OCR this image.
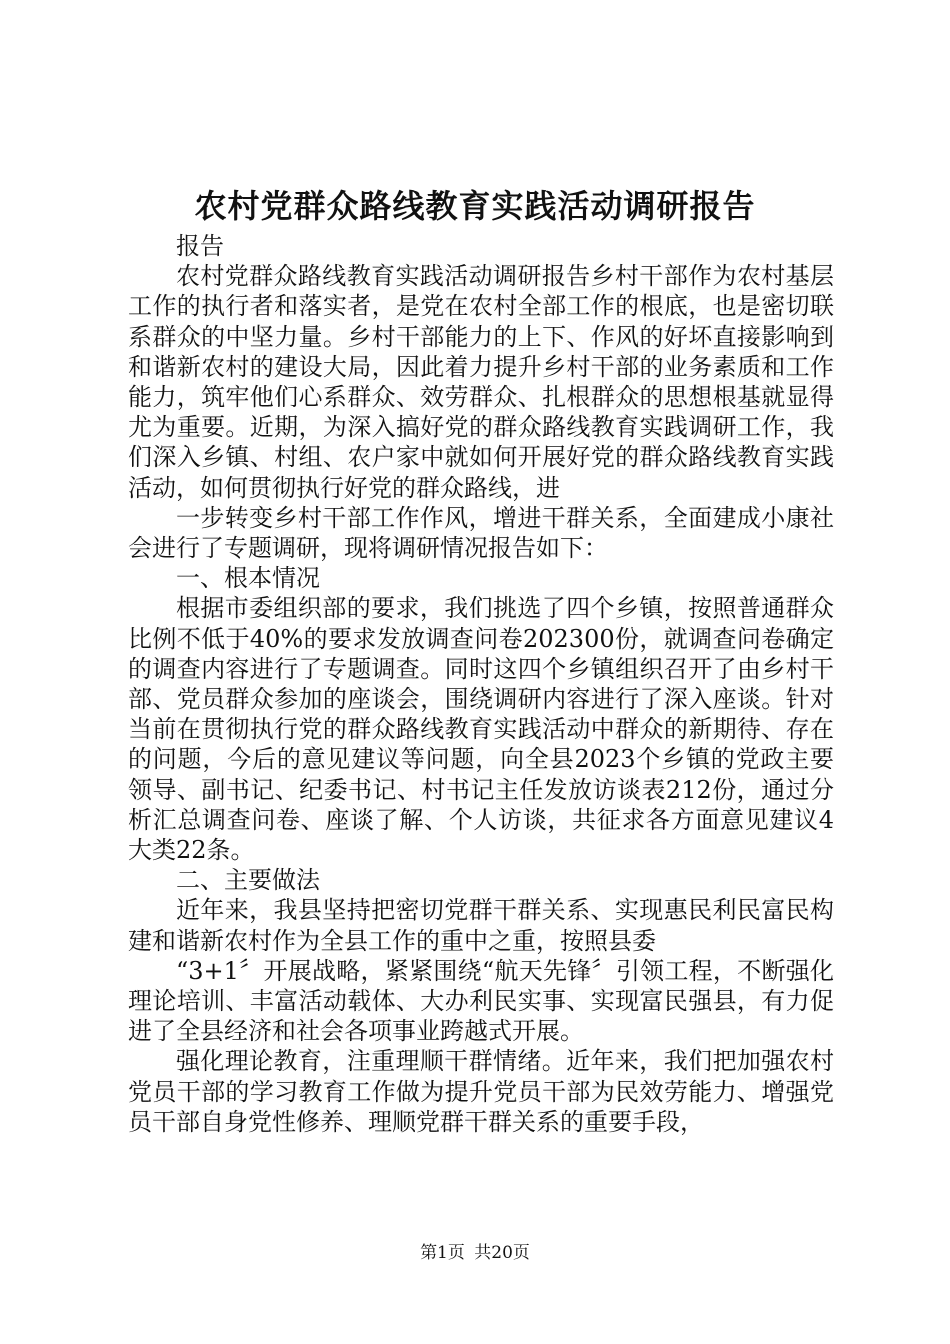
农村党群众路线教育实践活动调研报告

报告

农村党群众路线教育实践活动调研报告乡村干部作为农村基层工作的执行者和落实者，是党在农村全部工作的根底，也是密切联系群众的中坚力量。乡村干部能力的上下、作风的好坏直接影响到和谐新农村的建设大局，因此着力提升乡村干部的业务素质和工作能力，筑牢他们心系群众、效劳群众、扎根群众的思想根基就显得尤为重要。近期，为深入搞好党的群众路线教育实践调研工作，我们深入乡镇、村组、农户家中就如何开展好党的群众路线教育实践活动，如何贯彻执行好党的群众路线，进

一步转变乡村干部工作作风，增进干群关系，全面建成小康社会进行了专题调研，现将调研情况报告如下：

一、根本情况

根据市委组织部的要求，我们挑选了四个乡镇，按照普通群众比例不低于40%的要求发放调查问卷202300份，就调查问卷确定的调查内容进行了专题调查。同时这四个乡镇组织召开了由乡村干部、党员群众参加的座谈会，围绕调研内容进行了深入座谈。针对当前在贯彻执行党的群众路线教育实践活动中群众的新期待、存在的问题，今后的意见建议等问题，向全县2023个乡镇的党政主要领导、副书记、纪委书记、村书记主任发放访谈表212份，通过分析汇总调查问卷、座谈了解、个人访谈，共征求各方面意见建议4大类22条。

二、主要做法

近年来，我县坚持把密切党群干群关系、实现惠民利民富民构建和谐新农村作为全县工作的重中之重，按照县委

“3+1〞开展战略，紧紧围绕“航天先锋〞引领工程，不断强化理论培训、丰富活动载体、大办利民实事、实现富民强县，有力促进了全县经济和社会各项事业跨越式开展。

强化理论教育，注重理顺干群情绪。近年来，我们把加强农村党员干部的学习教育工作做为提升党员干部为民效劳能力、增强党员干部自身党性修养、理顺党群干群关系的重要手段，

第1页 共20页
